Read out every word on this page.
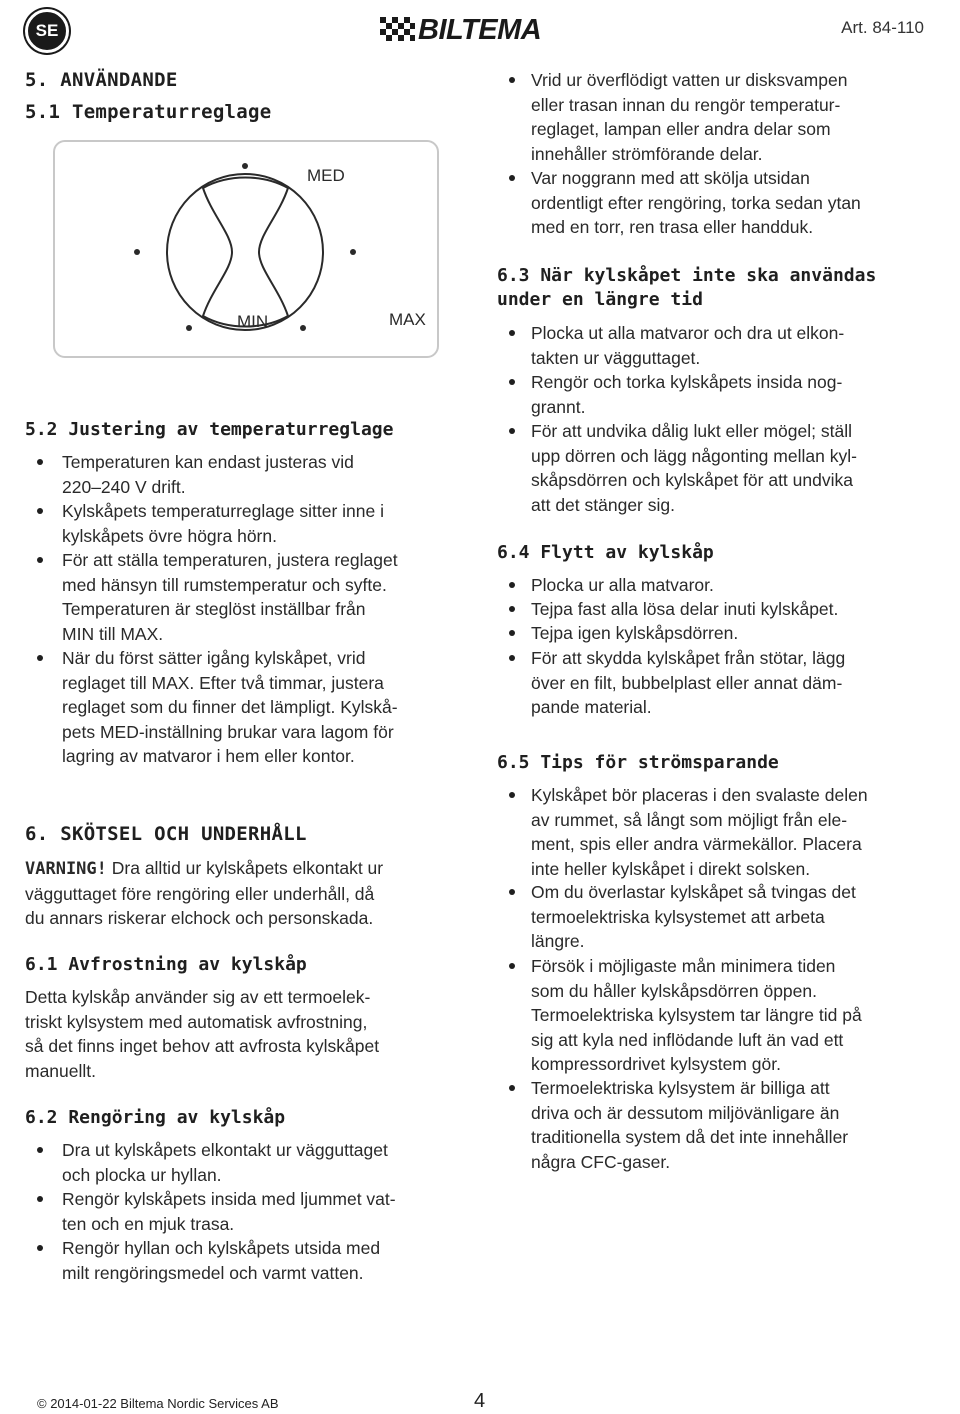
SE	BILTEMA	Art. 84-110
5. ANVÄNDANDE
5.1 Temperaturreglage
MED
MIN	MAX
5.2 Justering av temperaturreglage
Temperaturen kan endast justeras vid
220–240 V drift.
Kylskåpets temperaturreglage sitter inne i
kylskåpets övre högra hörn.
För att ställa temperaturen, justera reglaget
med hänsyn till rumstemperatur och syfte.
Temperaturen är steglöst inställbar från
MIN till MAX.
När du först sätter igång kylskåpet, vrid
reglaget till MAX. Efter två timmar, justera
reglaget som du finner det lämpligt. Kylskå-
pets MED-inställning brukar vara lagom för
lagring av matvaror i hem eller kontor.
6. SKÖTSEL OCH UNDERHÅLL
VARNING! Dra alltid ur kylskåpets elkontakt ur
vägguttaget före rengöring eller underhåll, då
du annars riskerar elchock och personskada.
6.1 Avfrostning av kylskåp
Detta kylskåp använder sig av ett termoelek-
triskt kylsystem med automatisk avfrostning,
så det finns inget behov att avfrosta kylskåpet
manuellt.
6.2 Rengöring av kylskåp
Dra ut kylskåpets elkontakt ur vägguttaget
och plocka ur hyllan.
Rengör kylskåpets insida med ljummet vat-
ten och en mjuk trasa.
Rengör hyllan och kylskåpets utsida med
milt rengöringsmedel och varmt vatten.
Vrid ur överflödigt vatten ur disksvampen
eller trasan innan du rengör temperatur-
reglaget, lampan eller andra delar som
innehåller strömförande delar.
Var noggrann med att skölja utsidan
ordentligt efter rengöring, torka sedan ytan
med en torr, ren trasa eller handduk.
6.3 När kylskåpet inte ska användas
under en längre tid
Plocka ut alla matvaror och dra ut elkon-
takten ur vägguttaget.
Rengör och torka kylskåpets insida nog-
grannt.
För att undvika dålig lukt eller mögel; ställ
upp dörren och lägg någonting mellan kyl-
skåpsdörren och kylskåpet för att undvika
att det stänger sig.
6.4 Flytt av kylskåp
Plocka ur alla matvaror.
Tejpa fast alla lösa delar inuti kylskåpet.
Tejpa igen kylskåpsdörren.
För att skydda kylskåpet från stötar, lägg
över en filt, bubbelplast eller annat däm-
pande material.
6.5 Tips för strömsparande
Kylskåpet bör placeras i den svalaste delen
av rummet, så långt som möjligt från ele-
ment, spis eller andra värmekällor. Placera
inte heller kylskåpet i direkt solsken.
Om du överlastar kylskåpet så tvingas det
termoelektriska kylsystemet att arbeta
längre.
Försök i möjligaste mån minimera tiden
som du håller kylskåpsdörren öppen.
Termoelektriska kylsystem tar längre tid på
sig att kyla ned inflödande luft än vad ett
kompressordrivet kylsystem gör.
Termoelektriska kylsystem är billiga att
driva och är dessutom miljövänligare än
traditionella system då det inte innehåller
några CFC-gaser.
© 2014-01-22 Biltema Nordic Services AB	4
